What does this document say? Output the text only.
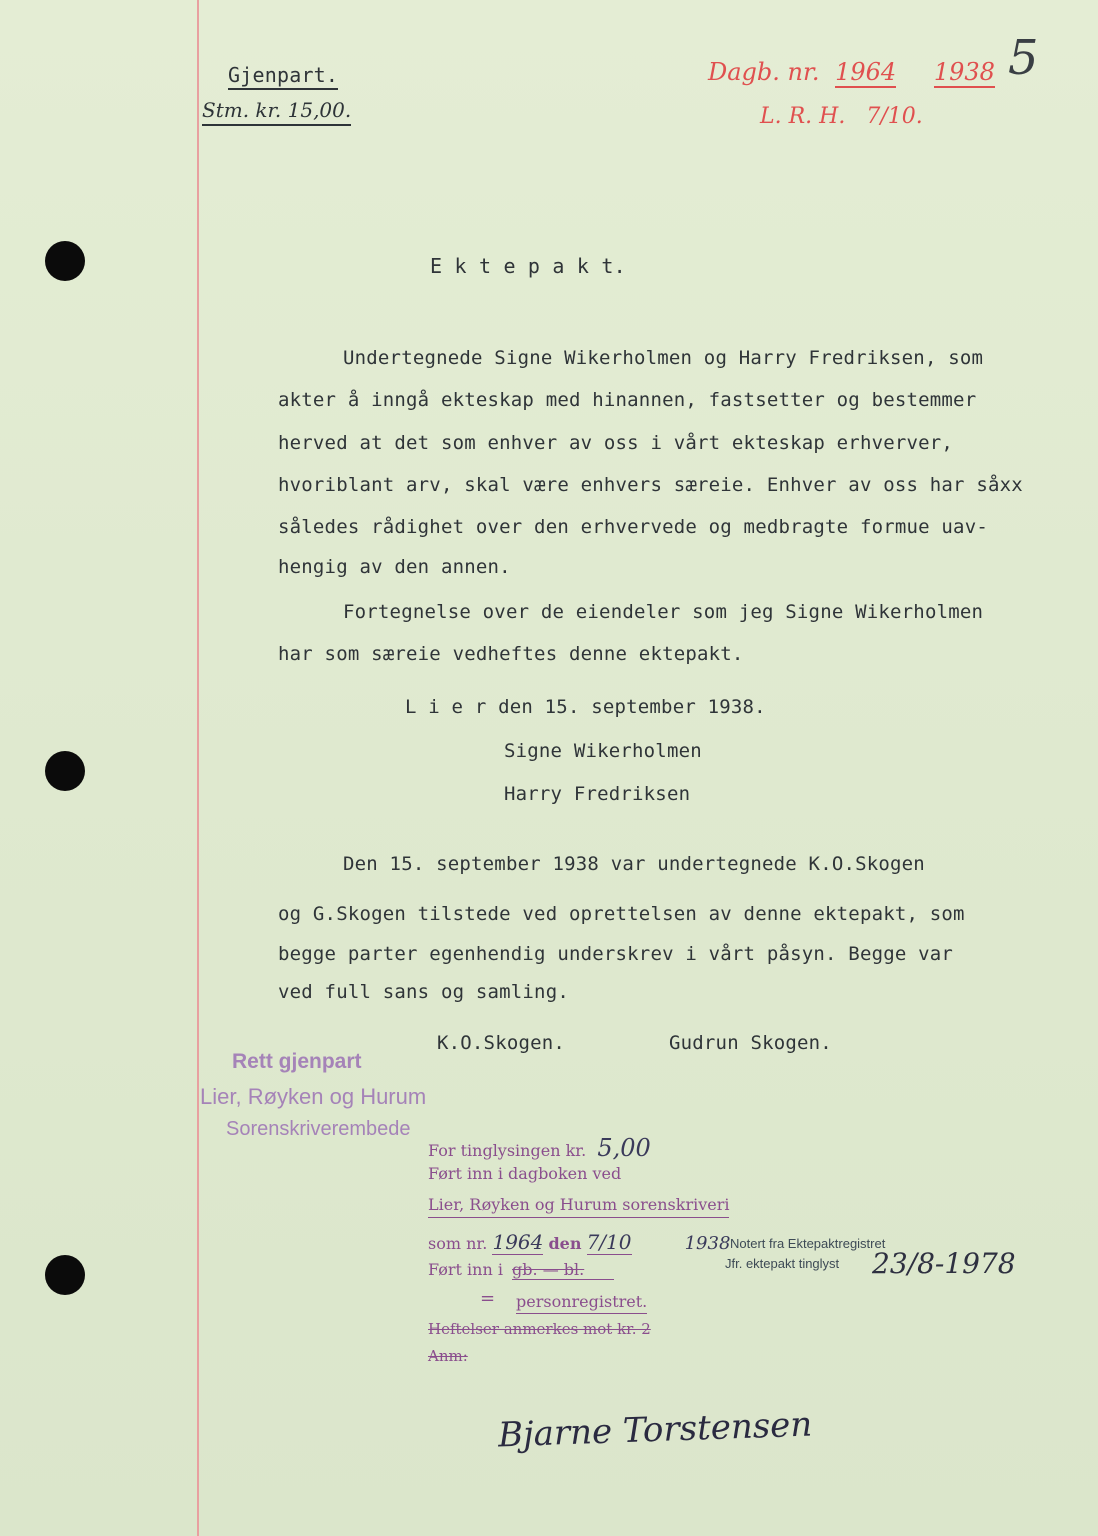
Gjenpart.
Stm. kr. 15,00.
Dagb. nr. 1964 1938
L. R. H. 7/10.
5
E k t e p a k t.
Undertegnede Signe Wikerholmen og Harry Fredriksen, som
akter å inngå ekteskap med hinannen, fastsetter og bestemmer
herved at det som enhver av oss i vårt ekteskap erhverver,
hvoriblant arv, skal være enhvers særeie. Enhver av oss har såxx
således rådighet over den erhvervede og medbragte formue uav-
hengig av den annen.
Fortegnelse over de eiendeler som jeg Signe Wikerholmen
har som særeie vedheftes denne ektepakt.
L i e r den 15. september 1938.
Signe Wikerholmen
Harry Fredriksen
Den 15. september 1938 var undertegnede K.O.Skogen
og G.Skogen tilstede ved oprettelsen av denne ektepakt, som
begge parter egenhendig underskrev i vårt påsyn. Begge var
ved full sans og samling.
K.O.Skogen.	Gudrun Skogen.
Rett gjenpart
Lier, Røyken og Hurum
Sorenskriverembede
For tinglysingen kr. 5,00
Ført inn i dagboken ved
Lier, Røyken og Hurum sorenskriveri
som nr. 1964 den 7/10	1938
Ført inn i gb. — bl.
= personregistret.
Heftelser anmerkes mot kr. 2
Anm:
Bjarne Torstensen
Notert fra Ektepaktregistret
Jfr. ektepakt tinglyst 23/8-1978
